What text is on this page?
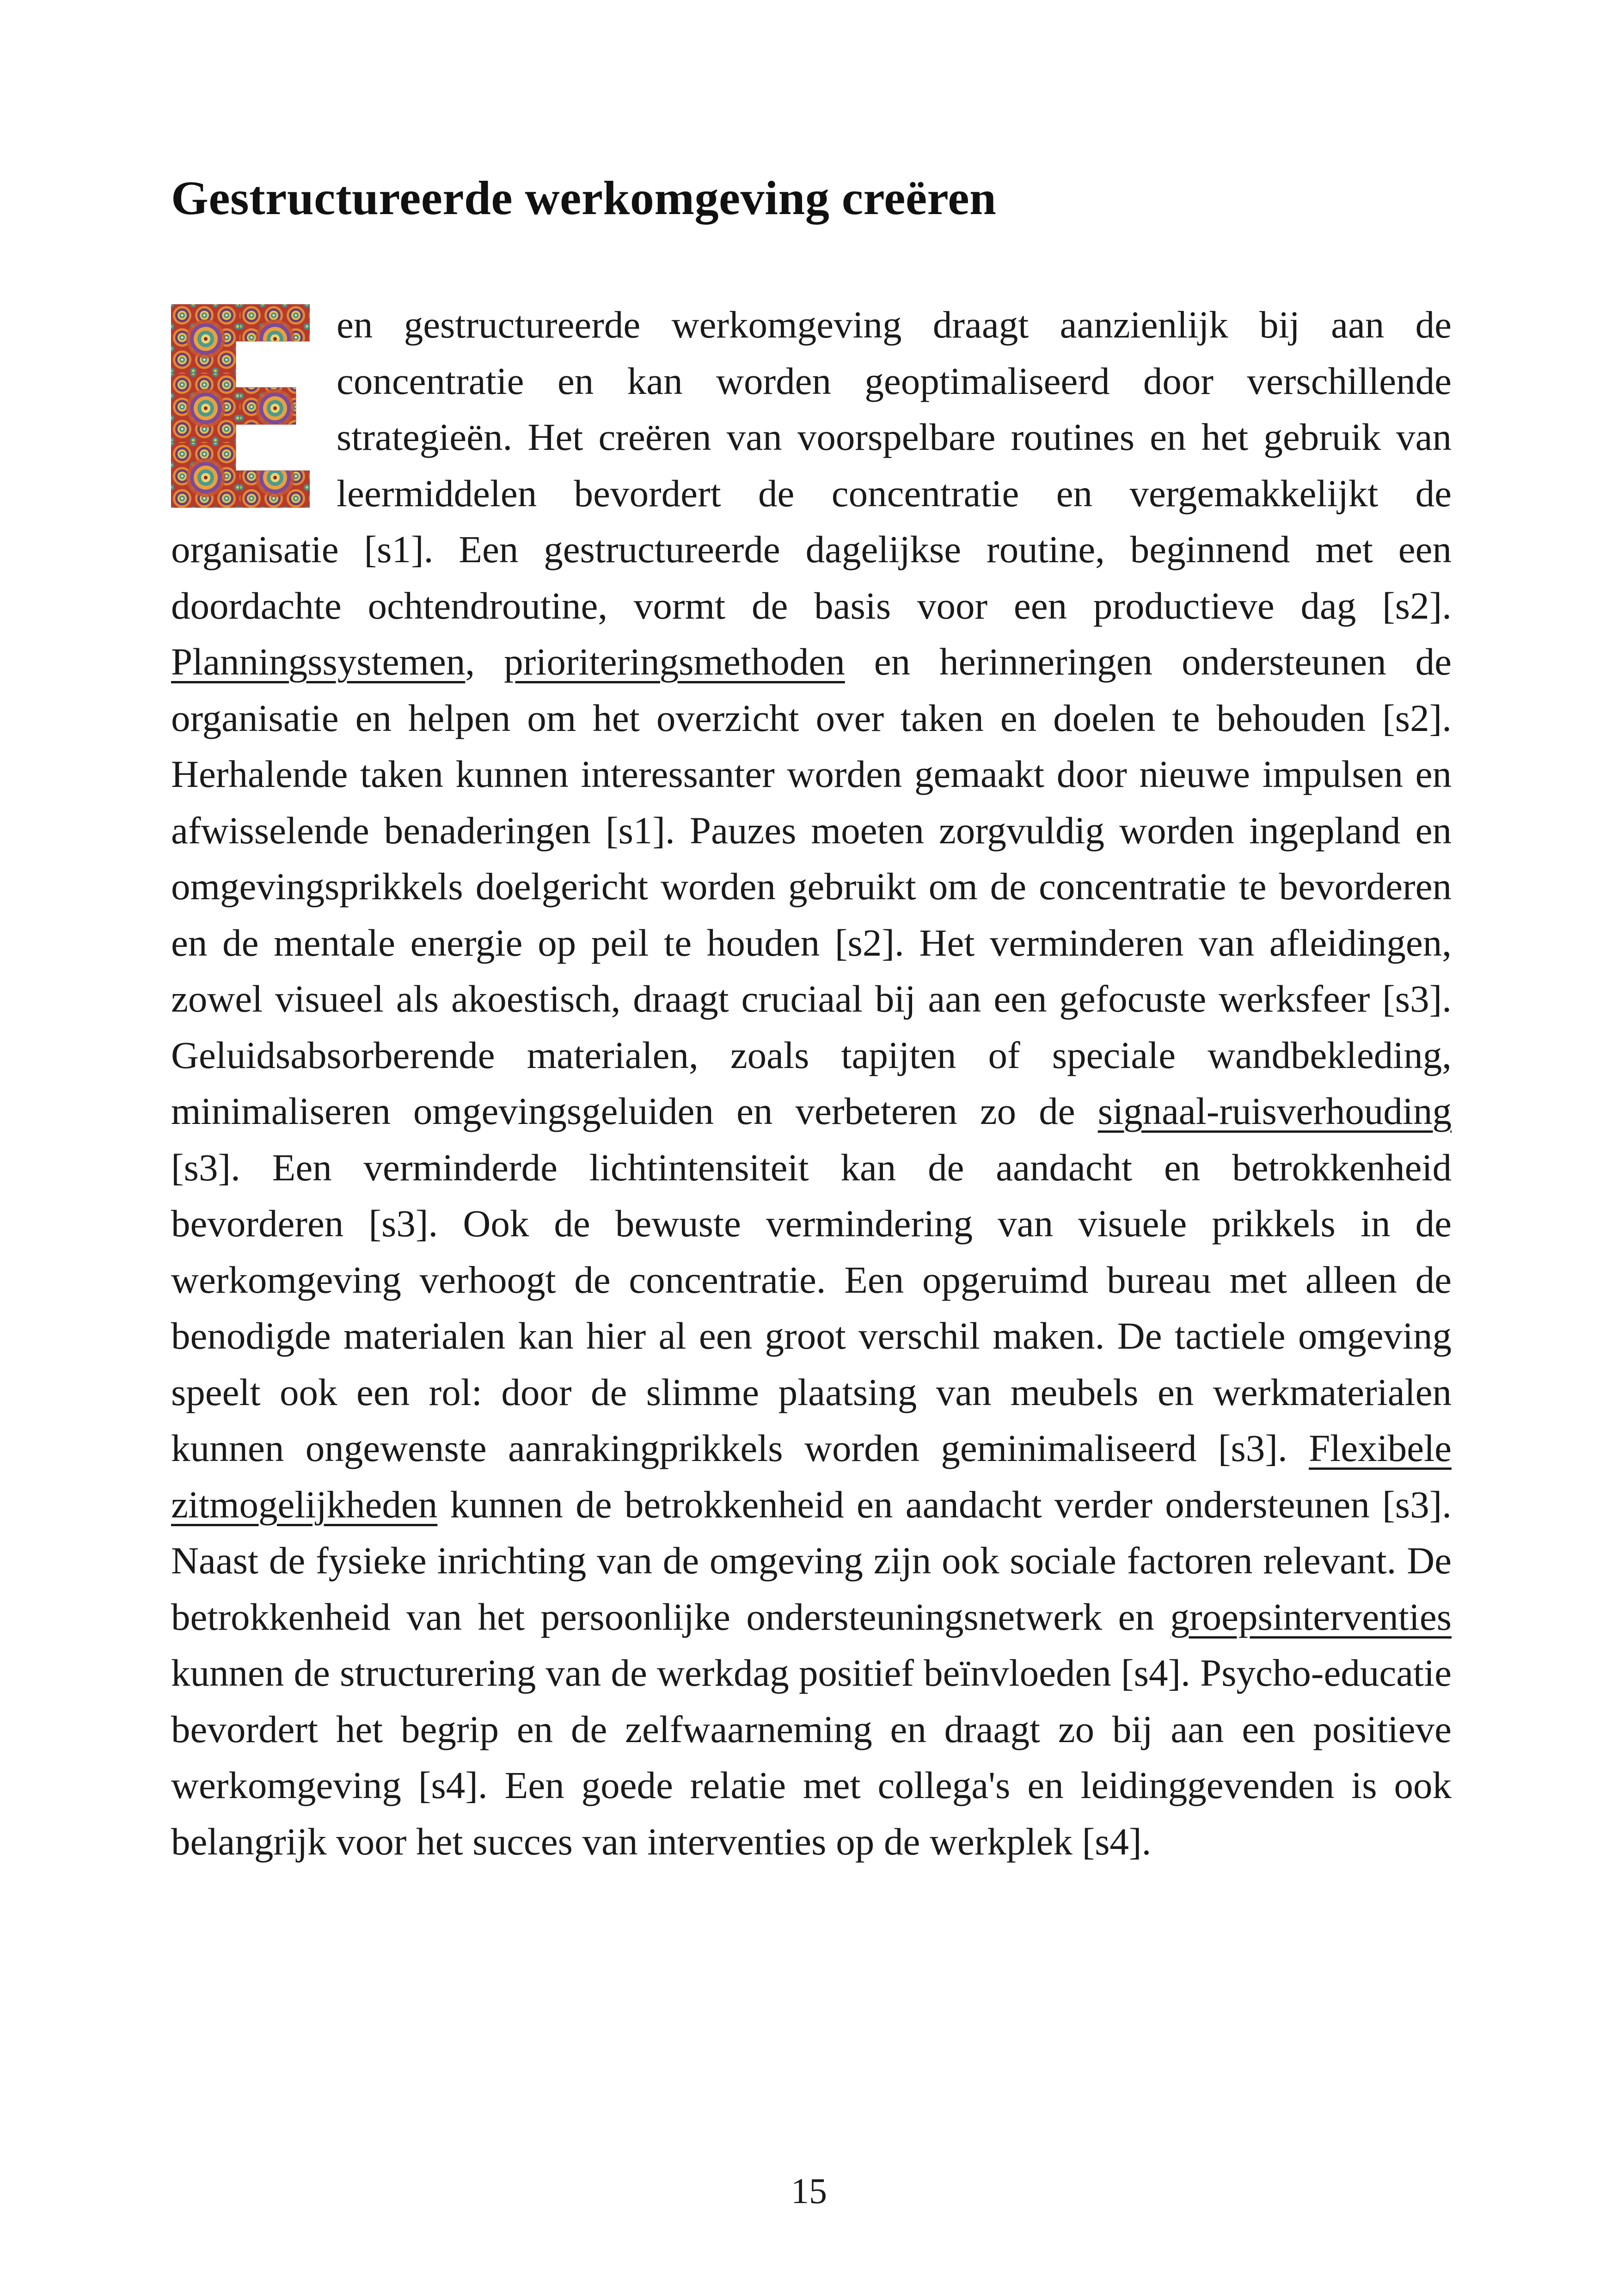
Gestructureerde werkomgeving creëren

en gestructureerde werkomgeving draagt aanzienlijk bij aan de concentratie en kan worden geoptimaliseerd door verschillende strategieën. Het creëren van voorspelbare routines en het gebruik van leermiddelen bevordert de concentratie en vergemakkelijkt de organisatie [s1]. Een gestructureerde dagelijkse routine, beginnend met een doordachte ochtendroutine, vormt de basis voor een productieve dag [s2]. Planningssystemen, prioriteringsmethoden en herinneringen ondersteunen de organisatie en helpen om het overzicht over taken en doelen te behouden [s2]. Herhalende taken kunnen interessanter worden gemaakt door nieuwe impulsen en afwisselende benaderingen [s1]. Pauzes moeten zorgvuldig worden ingepland en omgevingsprikkels doelgericht worden gebruikt om de concentratie te bevorderen en de mentale energie op peil te houden [s2]. Het verminderen van afleidingen, zowel visueel als akoestisch, draagt cruciaal bij aan een gefocuste werksfeer [s3]. Geluidsabsorberende materialen, zoals tapijten of speciale wandbekleding, minimaliseren omgevingsgeluiden en verbeteren zo de signaal-ruisverhouding [s3]. Een verminderde lichtintensiteit kan de aandacht en betrokkenheid bevorderen [s3]. Ook de bewuste vermindering van visuele prikkels in de werkomgeving verhoogt de concentratie. Een opgeruimd bureau met alleen de benodigde materialen kan hier al een groot verschil maken. De tactiele omgeving speelt ook een rol: door de slimme plaatsing van meubels en werkmaterialen kunnen ongewenste aanrakingprikkels worden geminimaliseerd [s3]. Flexibele zitmogelijkheden kunnen de betrokkenheid en aandacht verder ondersteunen [s3]. Naast de fysieke inrichting van de omgeving zijn ook sociale factoren relevant. De betrokkenheid van het persoonlijke ondersteuningsnetwerk en groepsinterventies kunnen de structurering van de werkdag positief beïnvloeden [s4]. Psycho-educatie bevordert het begrip en de zelfwaarneming en draagt zo bij aan een positieve werkomgeving [s4]. Een goede relatie met collega's en leidinggevenden is ook belangrijk voor het succes van interventies op de werkplek [s4].

15
